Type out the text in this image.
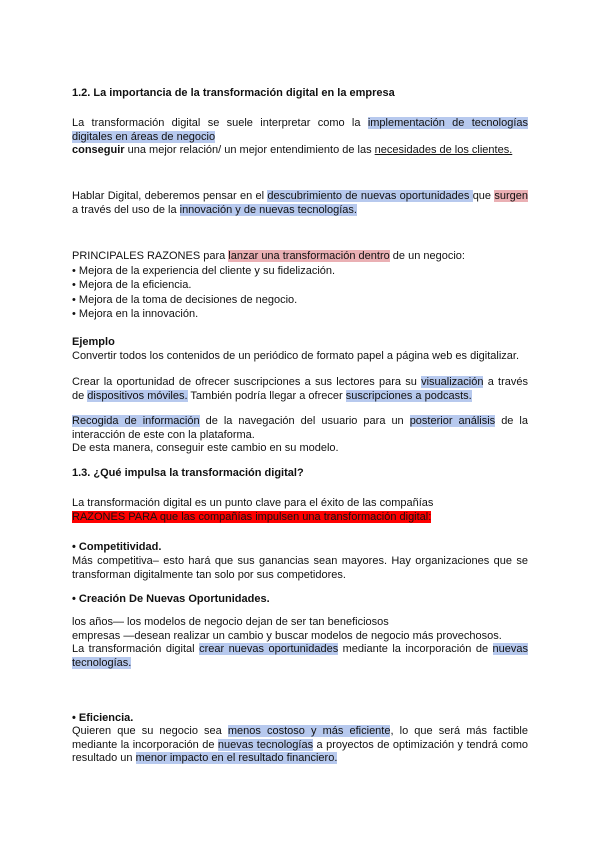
1.2. La importancia de la transformación digital en la empresa
La transformación digital se suele interpretar como la implementación de tecnologías digitales en áreas de negocio
conseguir una mejor relación/ un mejor entendimiento de las necesidades de los clientes.
Hablar Digital, deberemos pensar en el descubrimiento de nuevas oportunidades que surgen a través del uso de la innovación y de nuevas tecnologías.
PRINCIPALES RAZONES para lanzar una transformación dentro de un negocio:
• Mejora de la experiencia del cliente y su fidelización.
• Mejora de la eficiencia.
• Mejora de la toma de decisiones de negocio.
• Mejora en la innovación.
Ejemplo
Convertir todos los contenidos de un periódico de formato papel a página web es digitalizar.
Crear la oportunidad de ofrecer suscripciones a sus lectores para su visualización a través de dispositivos móviles. También podría llegar a ofrecer suscripciones a podcasts.
Recogida de información de la navegación del usuario para un posterior análisis de la interacción de este con la plataforma.
De esta manera, conseguir este cambio en su modelo.
1.3. ¿Qué impulsa la transformación digital?
La transformación digital es un punto clave para el éxito de las compañías
RAZONES PARA que las compañías impulsen una transformación digital:
• Competitividad.
Más competitiva– esto hará que sus ganancias sean mayores. Hay organizaciones que se transforman digitalmente tan solo por sus competidores.
• Creación De Nuevas Oportunidades.
los años— los modelos de negocio dejan de ser tan beneficiosos
empresas —desean realizar un cambio y buscar modelos de negocio más provechosos.
La transformación digital crear nuevas oportunidades mediante la incorporación de nuevas tecnologías.
• Eficiencia.
Quieren que su negocio sea menos costoso y más eficiente, lo que será más factible mediante la incorporación de nuevas tecnologías a proyectos de optimización y tendrá como resultado un menor impacto en el resultado financiero.
